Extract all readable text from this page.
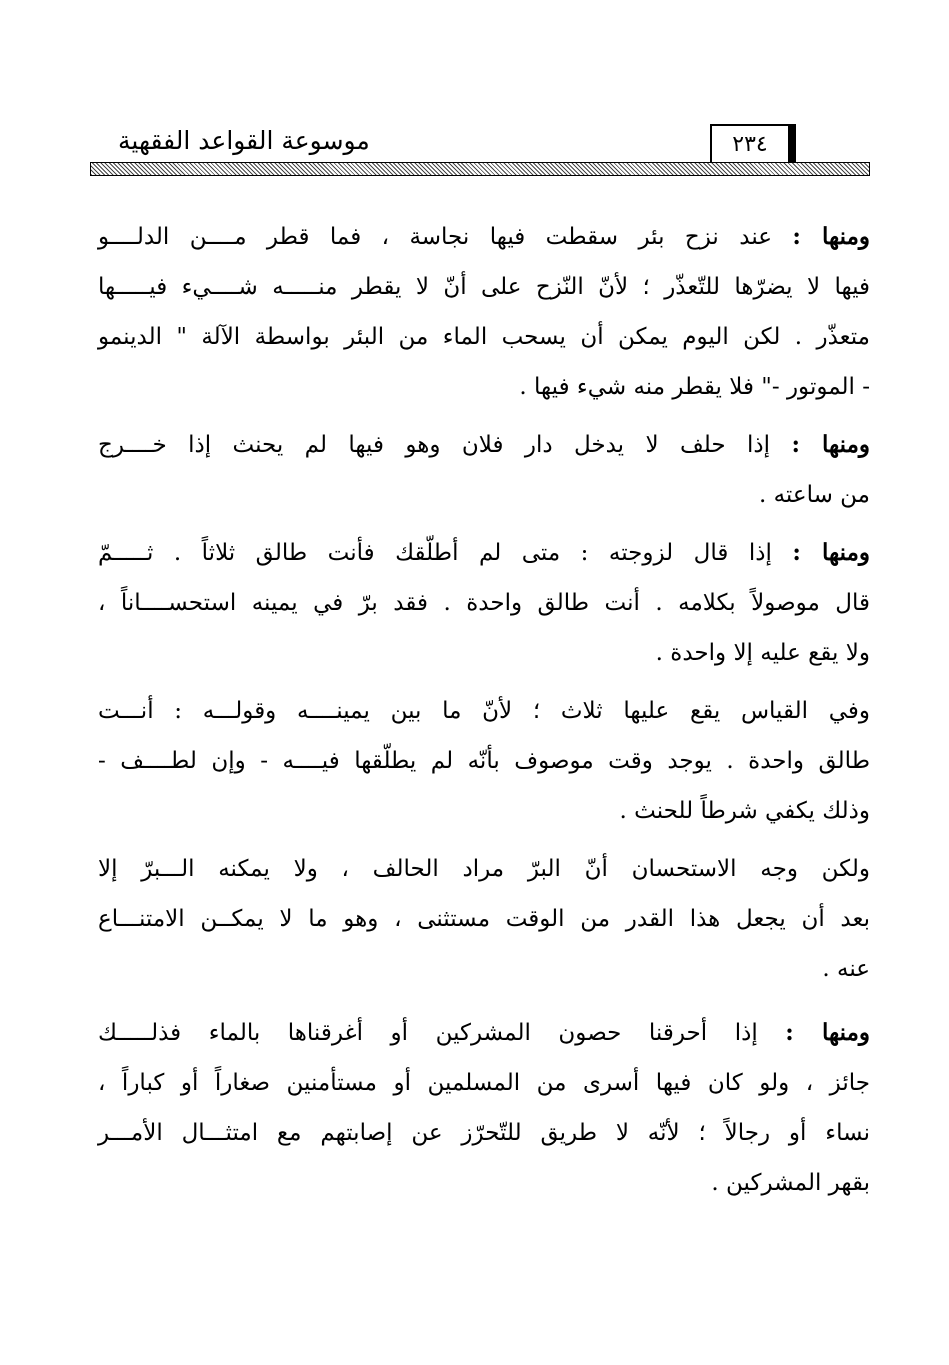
موسوعة القواعد الفقهية	٢٣٤
ومنها : عند نزح بئر سقطت فيها نجاسة ، فما قطر مــــن الدلــــو
فيها لا يضرّها للتّعذّر ؛ لأنّ النّزح على أنّ لا يقطر منـــــه شــــيء فيـــــها
متعذّر . لكن اليوم يمكن أن يسحب الماء من البئر بواسطة الآلة " الدينمو
- الموتور -" فلا يقطر منه شيء فيها .
ومنها : إذا حلف لا يدخل دار فلان وهو فيها لم يحنث إذا خــــرج
من ساعته .
ومنها : إذا قال لزوجته : متى لم أطلّقك فأنت طالق ثلاثاً . ثـــــمّ
قال موصولاً بكلامه . أنت طالق واحدة . فقد برّ في يمينه استحســــاناً ،
ولا يقع عليه إلا واحدة .
وفي القياس يقع عليها ثلاث ؛ لأنّ ما بين يمينــــه وقولـــه : أنـــت
طالق واحدة . يوجد وقت موصوف بأنّه لم يطلّقها فيــــه - وإن لطــــف -
وذلك يكفي شرطاً للحنث .
ولكن وجه الاستحسان أنّ البرّ مراد الحالف ، ولا يمكنه الـــبرّ إلا
بعد أن يجعل هذا القدر من الوقت مستثنى ، وهو ما لا يمكــن الامتنـــاع
عنه .
ومنها : إذا أحرقنا حصون المشركين أو أغرقناها بالماء فذلـــــك
جائز ، ولو كان فيها أسرى من المسلمين أو مستأمنين صغاراً أو كباراً ،
نساء أو رجالاً ؛ لأنّه لا طريق للتّحرّز عن إصابتهم مع امتثـــال الأمـــر
بقهر المشركين .
